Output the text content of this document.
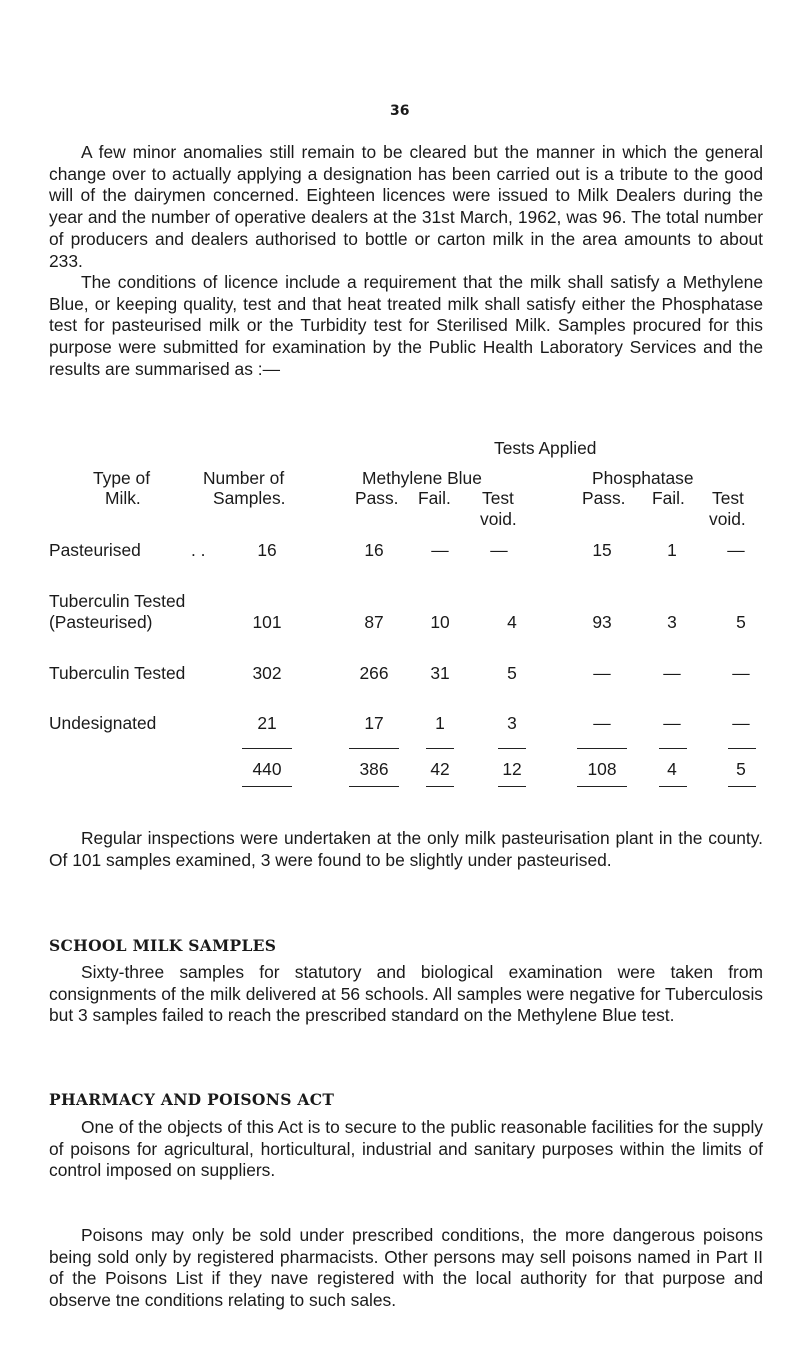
36

A few minor anomalies still remain to be cleared but the manner in which the general change over to actually applying a designation has been carried out is a tribute to the good will of the dairymen concerned. Eighteen licences were issued to Milk Dealers during the year and the number of operative dealers at the 31st March, 1962, was 96. The total number of producers and dealers authorised to bottle or carton milk in the area amounts to about 233.

The conditions of licence include a requirement that the milk shall satisfy a Methylene Blue, or keeping quality, test and that heat treated milk shall satisfy either the Phosphatase test for pasteurised milk or the Turbidity test for Sterilised Milk. Samples procured for this purpose were submitted for examination by the Public Health Laboratory Services and the results are summarised as :—

Tests Applied
Type of
Milk.
Number of
Samples.
Methylene Blue	Phosphatase
Pass. Fail. Test
void.
Pass. Fail. Test
void.
Pasteurised	. .	16	16	—	—	15	1	—
Tuberculin Tested
(Pasteurised)	101	87	10	4	93	3	5
Tuberculin Tested	302	266	31	5	—	—	—
Undesignated	21	17	1	3	—	—	—
440	386	42	12	108	4	5

Regular inspections were undertaken at the only milk pasteurisation plant in the county. Of 101 samples examined, 3 were found to be slightly under pasteurised.

SCHOOL MILK SAMPLES

Sixty-three samples for statutory and biological examination were taken from consignments of the milk delivered at 56 schools. All samples were negative for Tuberculosis but 3 samples failed to reach the prescribed standard on the Methylene Blue test.

PHARMACY AND POISONS ACT

One of the objects of this Act is to secure to the public reasonable facilities for the supply of poisons for agricultural, horticultural, industrial and sanitary purposes within the limits of control imposed on suppliers.

Poisons may only be sold under prescribed conditions, the more dangerous poisons being sold only by registered pharmacists. Other persons may sell poisons named in Part II of the Poisons List if they nave registered with the local authority for that purpose and observe tne conditions relating to such sales.
